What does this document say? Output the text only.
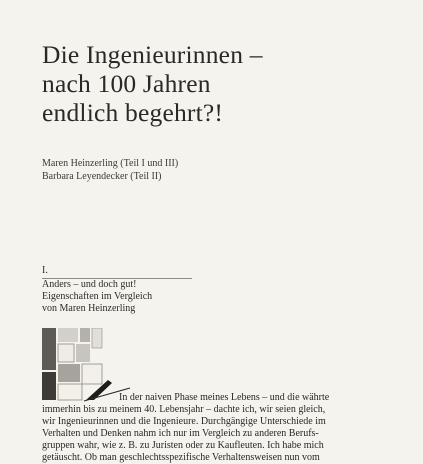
Die Ingenieurinnen –
nach 100 Jahren
endlich begehrt?!
Maren Heinzerling (Teil I und III)
Barbara Leyendecker (Teil II)
I.
Anders – und doch gut!
Eigenschaften im Vergleich
von Maren Heinzerling
In der naiven Phase meines Lebens – und die währte
immerhin bis zu meinem 40. Lebensjahr – dachte ich, wir seien gleich,
wir Ingenieurinnen und die Ingenieure. Durchgängige Unterschiede im
Verhalten und Denken nahm ich nur im Vergleich zu anderen Berufs-
gruppen wahr, wie z. B. zu Juristen oder zu Kaufleuten. Ich habe mich
getäuscht. Ob man geschlechtsspezifische Verhaltensweisen nun vom
